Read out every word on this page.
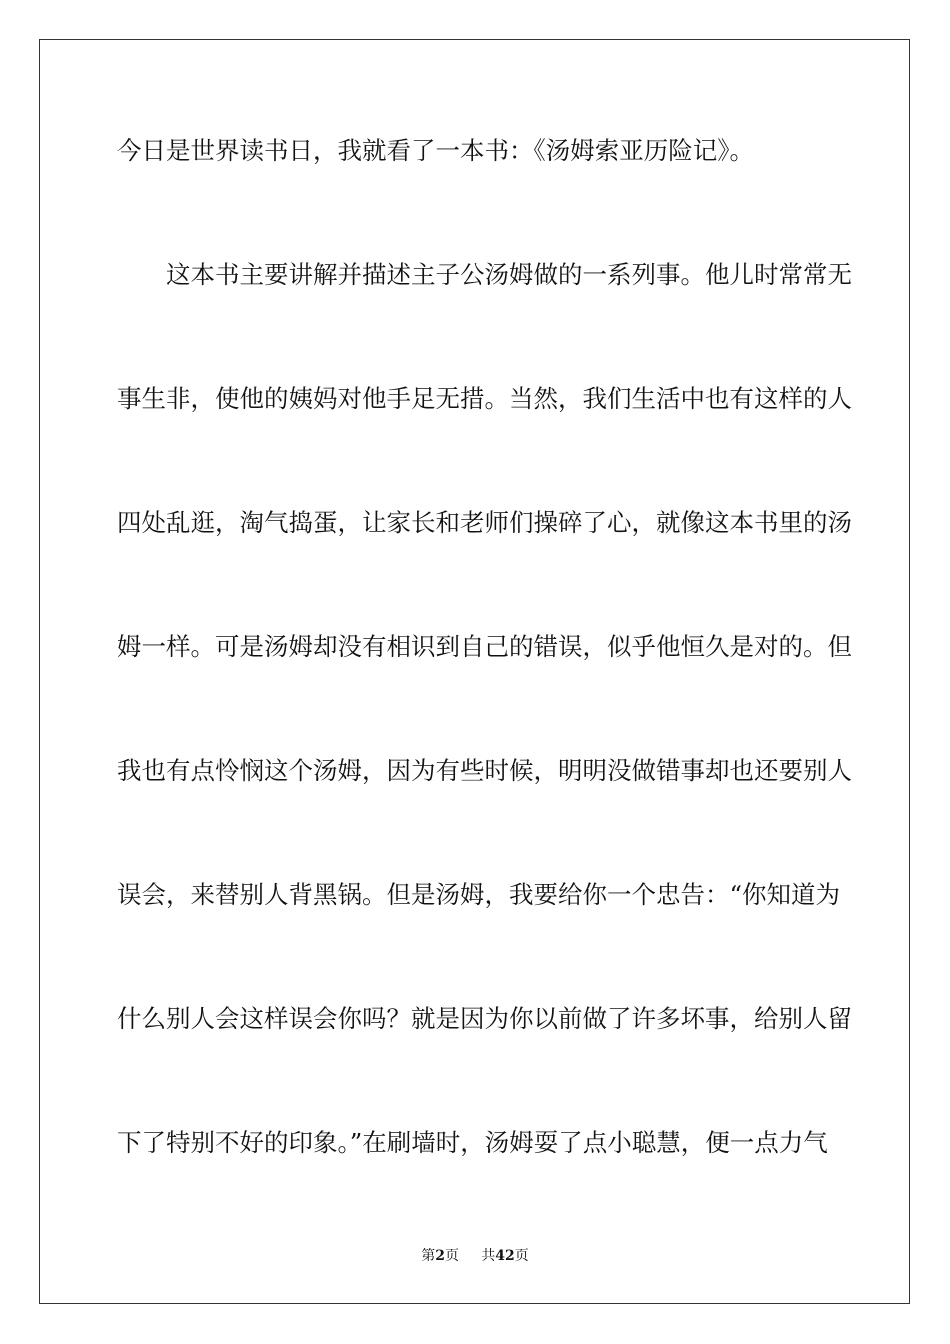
今日是世界读书日，我就看了一本书：《汤姆索亚历险记》。
　　这本书主要讲解并描述主子公汤姆做的一系列事。他儿时常常无
事生非，使他的姨妈对他手足无措。当然，我们生活中也有这样的人
四处乱逛，淘气捣蛋，让家长和老师们操碎了心，就像这本书里的汤
姆一样。可是汤姆却没有相识到自己的错误，似乎他恒久是对的。但
我也有点怜悯这个汤姆，因为有些时候，明明没做错事却也还要别人
误会，来替别人背黑锅。但是汤姆，我要给你一个忠告：“你知道为
什么别人会这样误会你吗？就是因为你以前做了许多坏事，给别人留
下了特别不好的印象。”在刷墙时，汤姆耍了点小聪慧，便一点力气
第2页 共42页
